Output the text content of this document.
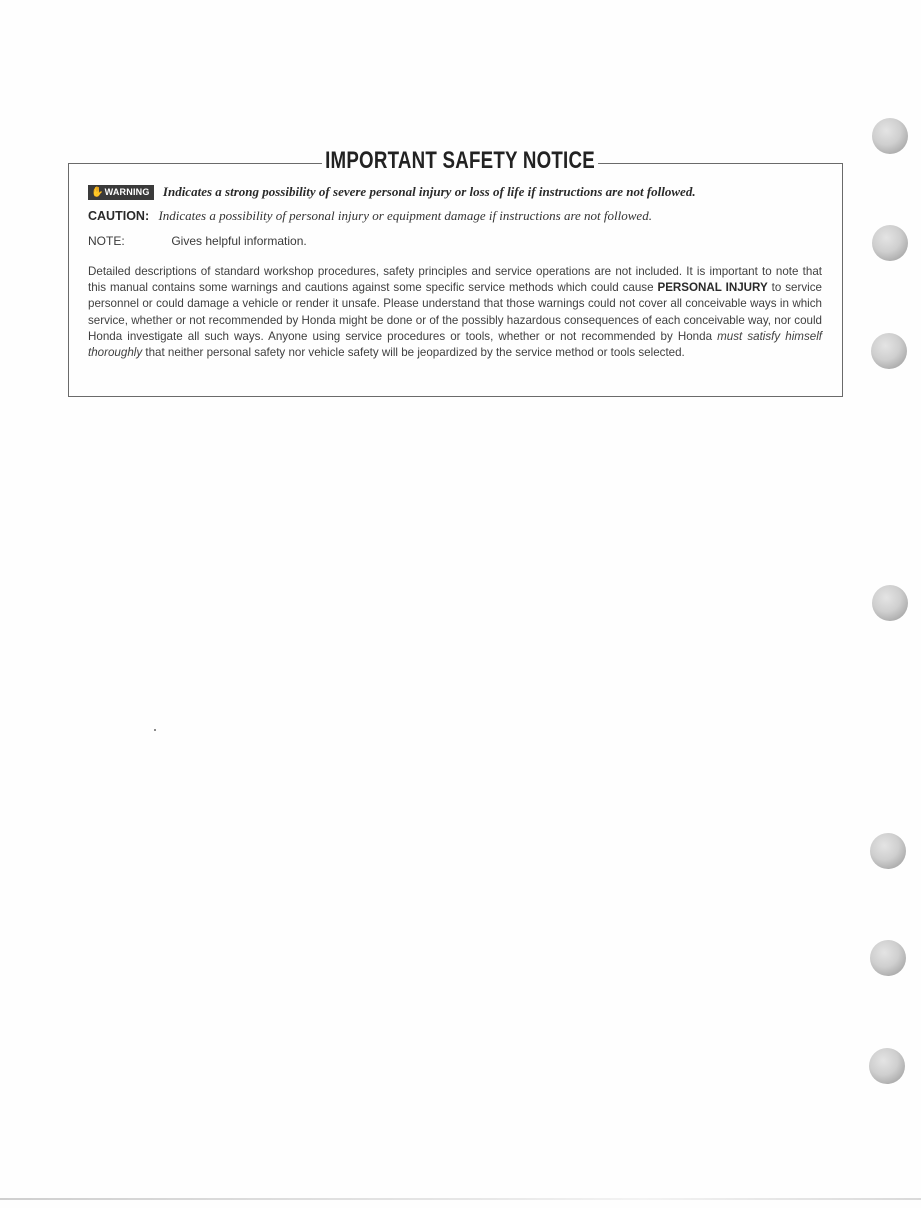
IMPORTANT SAFETY NOTICE
✋WARNING Indicates a strong possibility of severe personal injury or loss of life if instructions are not followed.
CAUTION: Indicates a possibility of personal injury or equipment damage if instructions are not followed.
NOTE:	Gives helpful information.
Detailed descriptions of standard workshop procedures, safety principles and service operations are not included. It is important to note that this manual contains some warnings and cautions against some specific service methods which could cause PERSONAL INJURY to service personnel or could damage a vehicle or render it unsafe. Please understand that those warnings could not cover all conceivable ways in which service, whether or not recommended by Honda might be done or of the possibly hazardous consequences of each conceivable way, nor could Honda investigate all such ways. Anyone using service procedures or tools, whether or not recommended by Honda must satisfy himself thoroughly that neither personal safety nor vehicle safety will be jeopardized by the service method or tools selected.
